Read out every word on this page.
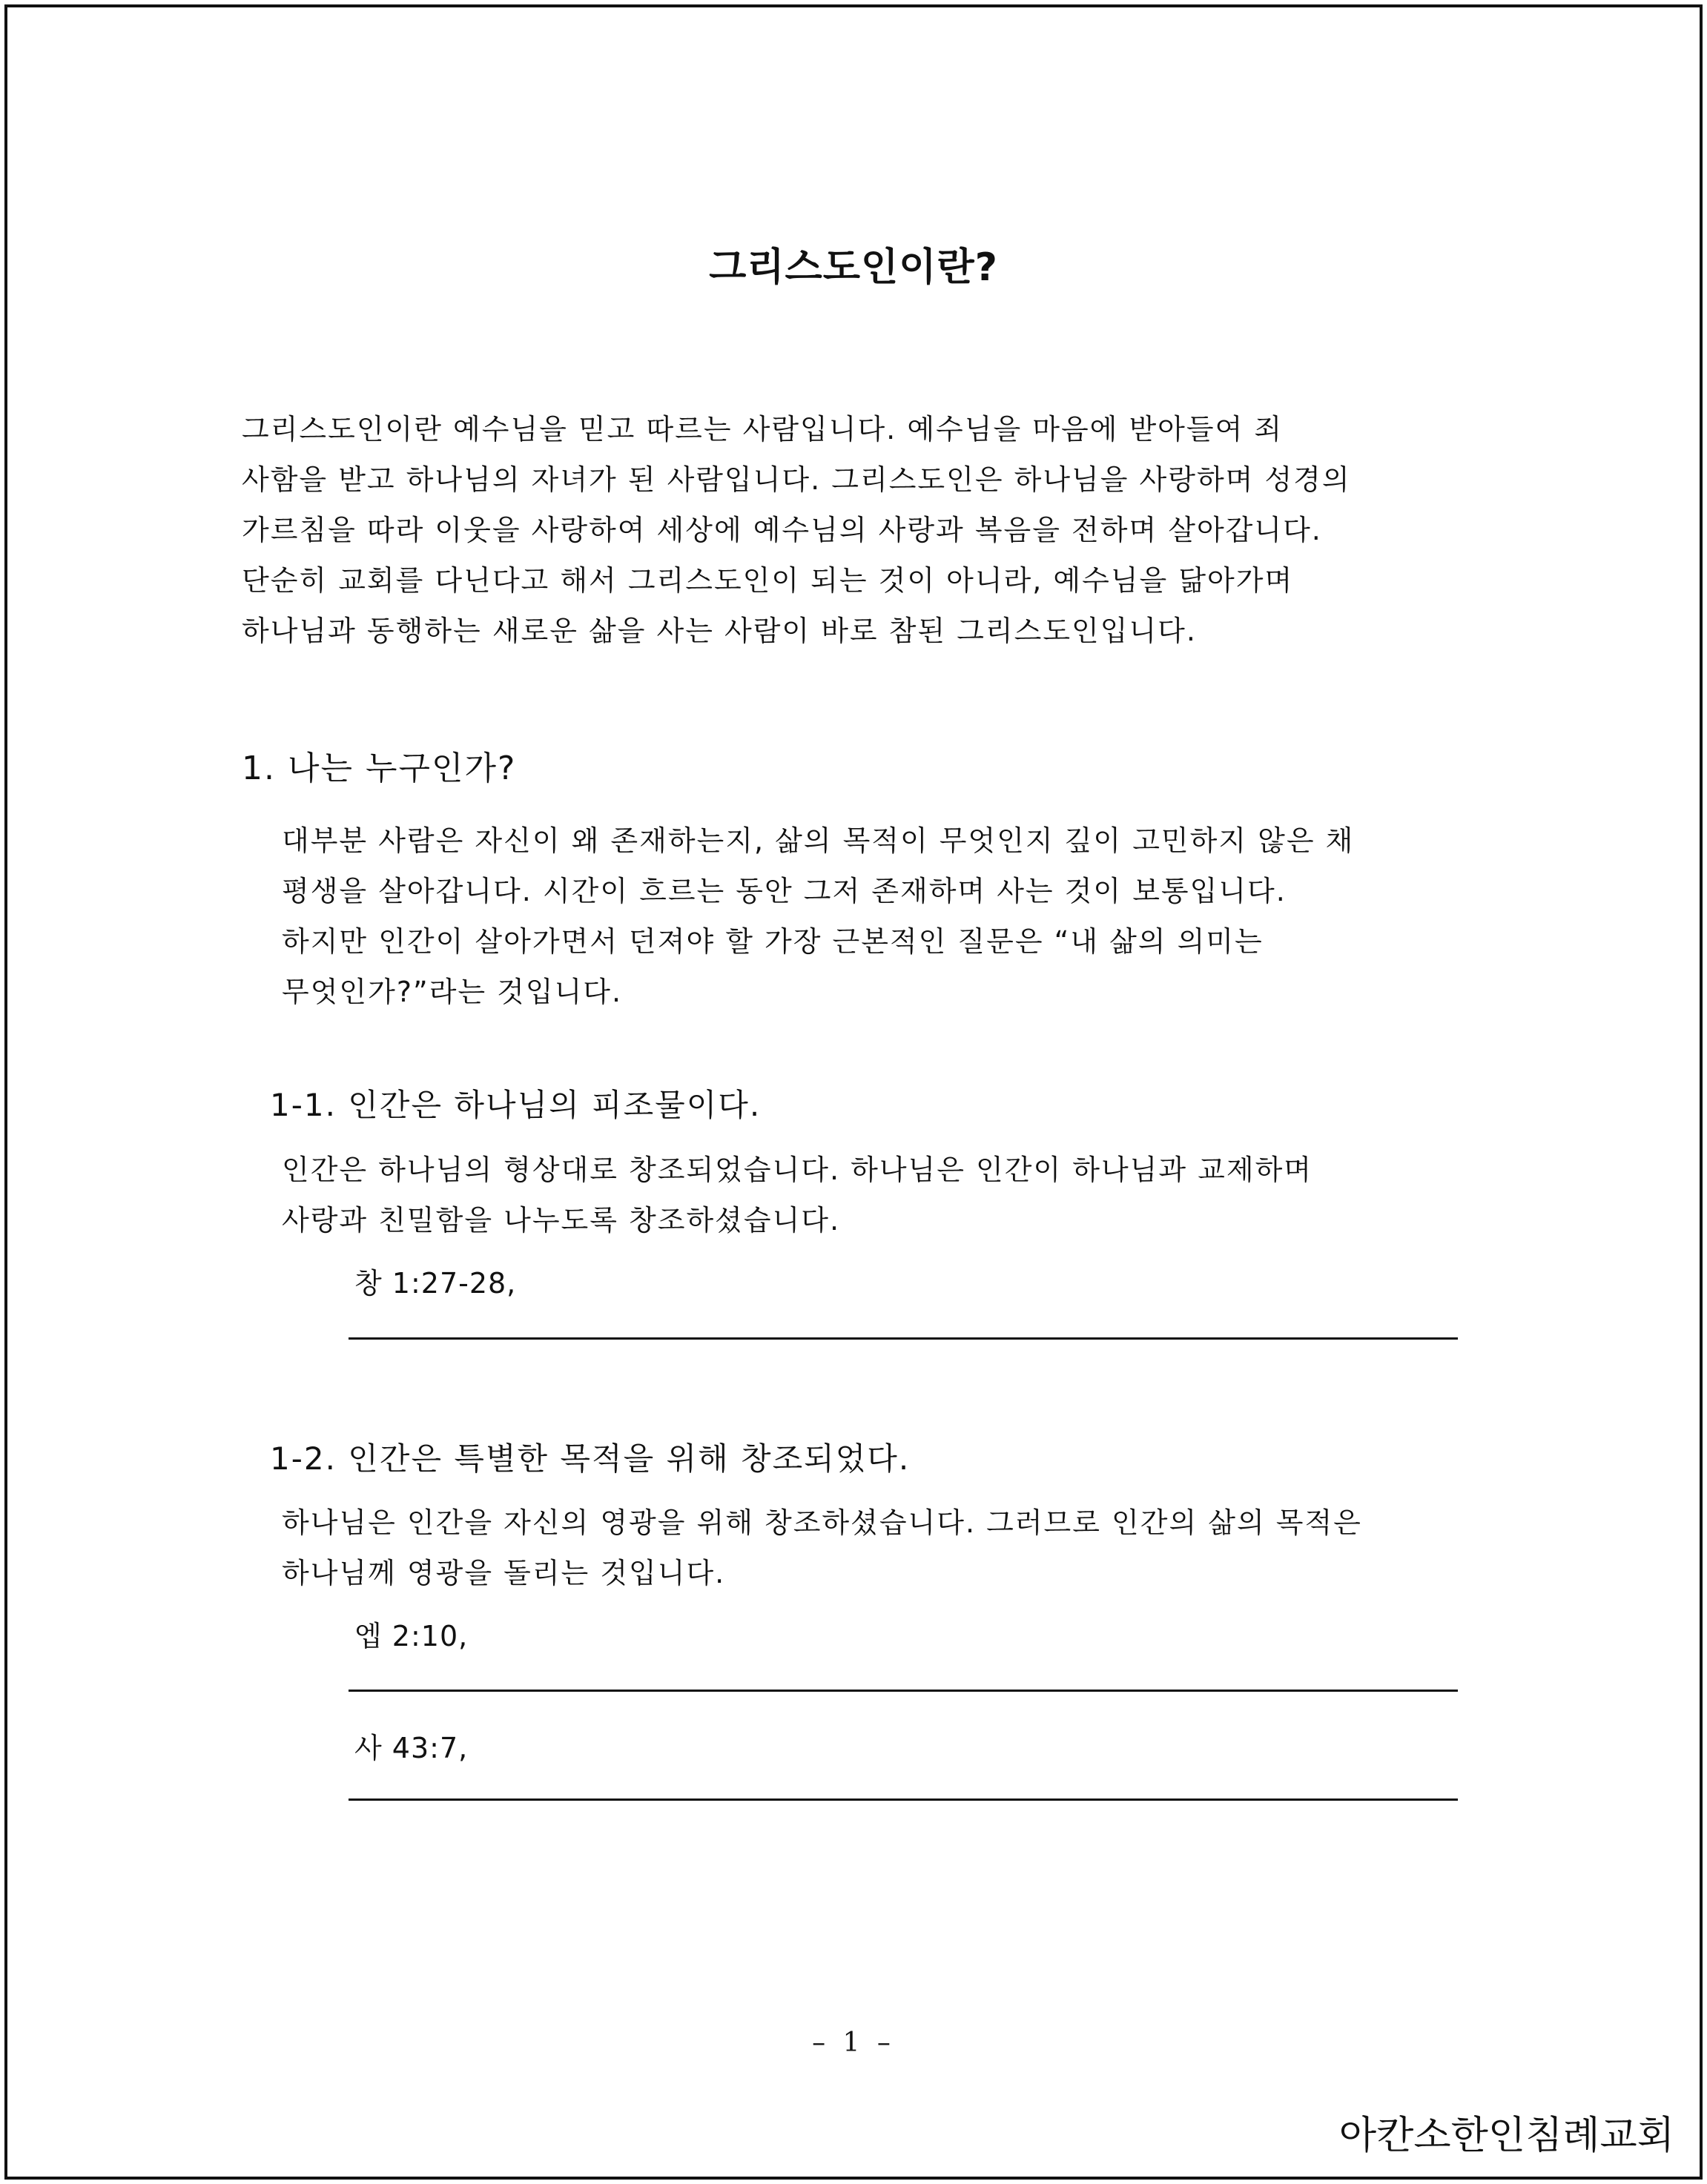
그리스도인이란?
그리스도인이란 예수님을 믿고 따르는 사람입니다. 예수님을 마음에 받아들여 죄
사함을 받고 하나님의 자녀가 된 사람입니다. 그리스도인은 하나님을 사랑하며 성경의
가르침을 따라 이웃을 사랑하여 세상에 예수님의 사랑과 복음을 전하며 살아갑니다.
단순히 교회를 다닌다고 해서 그리스도인이 되는 것이 아니라, 예수님을 닮아가며
하나님과 동행하는 새로운 삶을 사는 사람이 바로 참된 그리스도인입니다.
1. 나는 누구인가?
대부분 사람은 자신이 왜 존재하는지, 삶의 목적이 무엇인지 깊이 고민하지 않은 채
평생을 살아갑니다. 시간이 흐르는 동안 그저 존재하며 사는 것이 보통입니다.
하지만 인간이 살아가면서 던져야 할 가장 근본적인 질문은 “내 삶의 의미는
무엇인가?”라는 것입니다.
1-1. 인간은 하나님의 피조물이다.
인간은 하나님의 형상대로 창조되었습니다. 하나님은 인간이 하나님과 교제하며
사랑과 친밀함을 나누도록 창조하셨습니다.
창 1:27-28,
1-2. 인간은 특별한 목적을 위해 창조되었다.
하나님은 인간을 자신의 영광을 위해 창조하셨습니다. 그러므로 인간의 삶의 목적은
하나님께 영광을 돌리는 것입니다.
엡 2:10,
사 43:7,
– 1 –
아칸소한인침례교회
